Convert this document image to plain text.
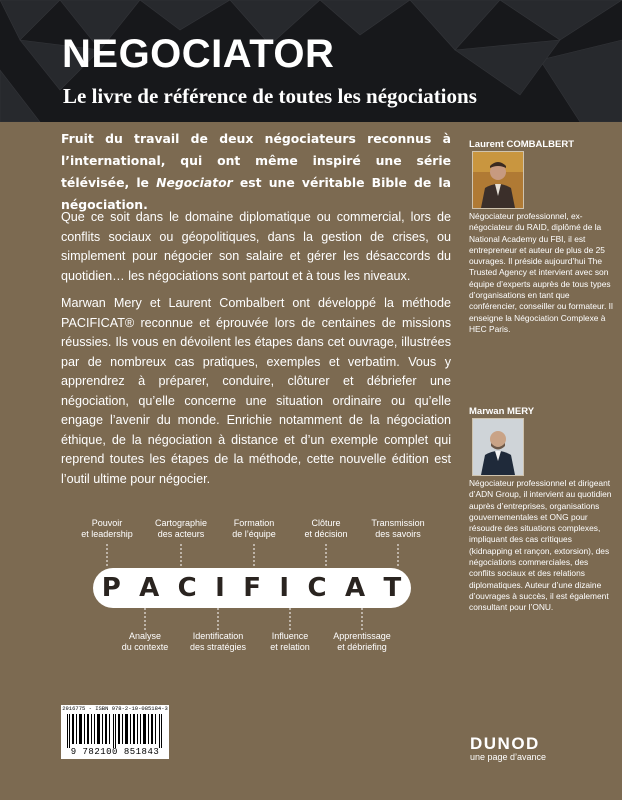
NEGOCIATOR
Le livre de référence de toutes les négociations
Fruit du travail de deux négociateurs reconnus à l’international, qui ont même inspiré une série télévisée, le Negociator est une véritable Bible de la négociation.

Que ce soit dans le domaine diplomatique ou commercial, lors de conflits sociaux ou géopolitiques, dans la gestion de crises, ou simplement pour négocier son salaire et gérer les désaccords du quotidien… les négociations sont partout et à tous les niveaux.

Marwan Mery et Laurent Combalbert ont développé la méthode PACIFICAT® reconnue et éprouvée lors de centaines de missions réussies. Ils vous en dévoilent les étapes dans cet ouvrage, illustrées par de nombreux cas pratiques, exemples et verbatim. Vous y apprendrez à préparer, conduire, clôturer et débriefer une négociation, qu’elle concerne une situation ordinaire ou qu’elle engage l’avenir du monde. Enrichie notamment de la négociation éthique, de la négociation à distance et d’un exemple complet qui reprend toutes les étapes de la méthode, cette nouvelle édition est l’outil ultime pour négocier.

Laurent COMBALBERT
Négociateur professionnel, ex-négociateur du RAID, diplômé de la National Academy du FBI, il est entrepreneur et auteur de plus de 25 ouvrages. Il préside aujourd’hui The Trusted Agency et intervient avec son équipe d’experts auprès de tous types d’organisations en tant que conférencier, conseiller ou formateur. Il enseigne la Négociation Complexe à HEC Paris.
Marwan MERY
Négociateur professionnel et dirigeant d’ADN Group, il intervient au quotidien auprès d’entreprises, organisations gouvernementales et ONG pour résoudre des situations complexes, impliquant des cas critiques (kidnapping et rançon, extorsion), des négociations commerciales, des conflits sociaux et des relations diplomatiques. Auteur d’une dizaine d’ouvrages à succès, il est également consultant pour l’ONU.
Pouvoir
et leadership
Cartographie
des acteurs
Formation
de l’équipe
Clôture
et décision
Transmission
des savoirs
P A C I F I C A T
Analyse
du contexte
Identification
des stratégies
Influence
et relation
Apprentissage
et débriefing
2916775 - ISBN 978-2-10-085184-3
9 782100 851843	DUNOD
une page d’avance
